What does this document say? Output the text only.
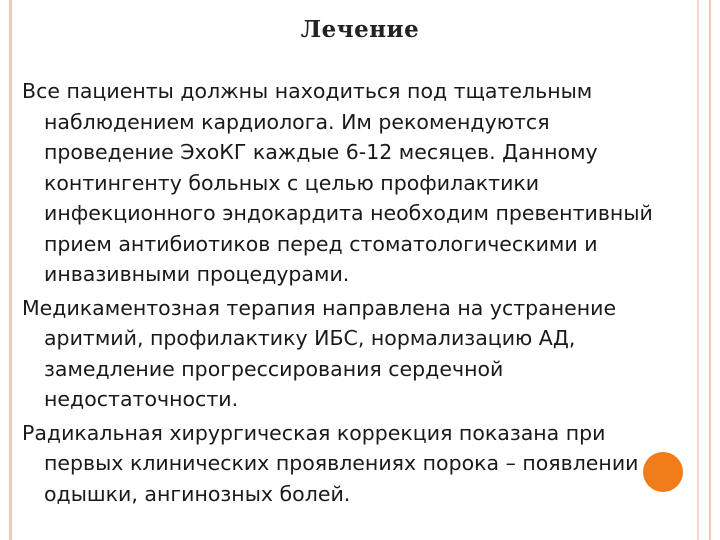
Лечение

Все пациенты должны находиться под тщательным наблюдением кардиолога. Им рекомендуются проведение ЭхоКГ каждые 6-12 месяцев. Данному контингенту больных с целью профилактики инфекционного эндокардита необходим превентивный прием антибиотиков перед стоматологическими и инвазивными процедурами.

Медикаментозная терапия направлена на устранение аритмий, профилактику ИБС, нормализацию АД, замедление прогрессирования сердечной недостаточности.

Радикальная хирургическая коррекция показана при первых клинических проявлениях порока – появлении одышки, ангинозных болей.
